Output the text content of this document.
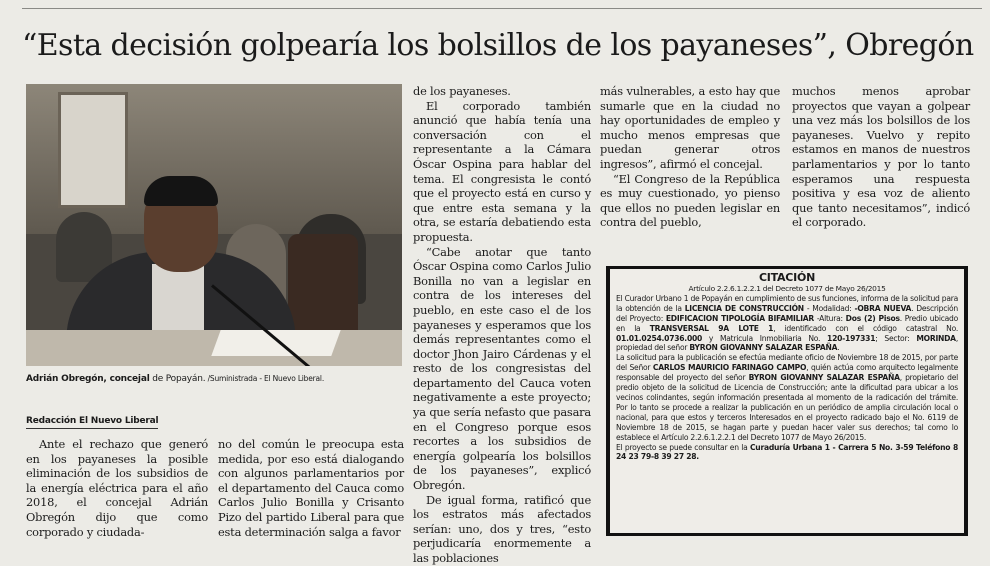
“Esta decisión golpearía los bolsillos de los payaneses”, Obregón
Adrián Obregón, concejal de Popayán. /Suministrada - El Nuevo Liberal.
Redacción El Nuevo Liberal

Ante el rechazo que generó en los payaneses la posible eliminación de los subsidios de la energía eléctrica para el año 2018, el concejal Adrián Obregón dijo que como corporado y ciudada-

no del común le preocupa esta medida, por eso está dialogando con algunos parlamentarios por el departamento del Cauca como Carlos Julio Bonilla y Crisanto Pizo del partido Liberal para que esta determinación salga a favor

de los payaneses.

El corporado también anunció que había tenía una conversación con el representante a la Cámara Óscar Ospina para hablar del tema. El congresista le contó que el proyecto está en curso y que entre esta semana y la otra, se estaría debatiendo esta propuesta.

“Cabe anotar que tanto Óscar Ospina como Carlos Julio Bonilla no van a legislar en contra de los intereses del pueblo, en este caso el de los payaneses y esperamos que los demás representantes como el doctor Jhon Jairo Cárdenas y el resto de los congresistas del departamento del Cauca voten negativamente a este proyecto; ya que sería nefasto que pasara en el Congreso porque esos recortes a los subsidios de energía golpearía los bolsillos de los payaneses”, explicó Obregón.

De igual forma, ratificó que los estratos más afectados serían: uno, dos y tres, “esto perjudicaría enormemente a las poblaciones

más vulnerables, a esto hay que sumarle que en la ciudad no hay oportunidades de empleo y mucho menos empresas que puedan generar otros ingresos”, afirmó el concejal.

“El Congreso de la República es muy cuestionado, yo pienso que ellos no pueden legislar en contra del pueblo,

muchos menos aprobar proyectos que vayan a golpear una vez más los bolsillos de los payaneses. Vuelvo y repito estamos en manos de nuestros parlamentarios y por lo tanto esperamos una respuesta positiva y esa voz de aliento que tanto necesitamos”, indicó el corporado.

CITACIÓN
Artículo 2.2.6.1.2.2.1 del Decreto 1077 de Mayo 26/2015

El Curador Urbano 1 de Popayán en cumplimiento de sus funciones, informa de la solicitud para la obtención de la LICENCIA DE CONSTRUCCIÓN - Modalidad: -OBRA NUEVA. Descripción del Proyecto: EDIFICACION TIPOLOGÍA BIFAMILIAR -Altura: Dos (2) Pisos. Predio ubicado en la TRANSVERSAL 9A LOTE 1, identificado con el código catastral No. 01.01.0254.0736.000 y Matricula Inmobiliaria No. 120-197331; Sector: MORINDA, propiedad del señor BYRON GIOVANNY SALAZAR ESPAÑA.

La solicitud para la publicación se efectúa mediante oficio de Noviembre 18 de 2015, por parte del Señor CARLOS MAURICIO FARINAGO CAMPO, quién actúa como arquitecto legalmente responsable del proyecto del señor BYRON GIOVANNY SALAZAR ESPAÑA, propietario del predio objeto de la solicitud de Licencia de Construcción; ante la dificultad para ubicar a los vecinos colindantes, según información presentada al momento de la radicación del trámite. Por lo tanto se procede a realizar la publicación en un periódico de amplia circulación local o nacional, para que estos y terceros Interesados en el proyecto radicado bajo el No. 6119 de Noviembre 18 de 2015, se hagan parte y puedan hacer valer sus derechos; tal como lo establece el Artículo 2.2.6.1.2.2.1 del Decreto 1077 de Mayo 26/2015.

El proyecto se puede consultar en la Curaduría Urbana 1 - Carrera 5 No. 3-59 Teléfono 8 24 23 79-8 39 27 28.
